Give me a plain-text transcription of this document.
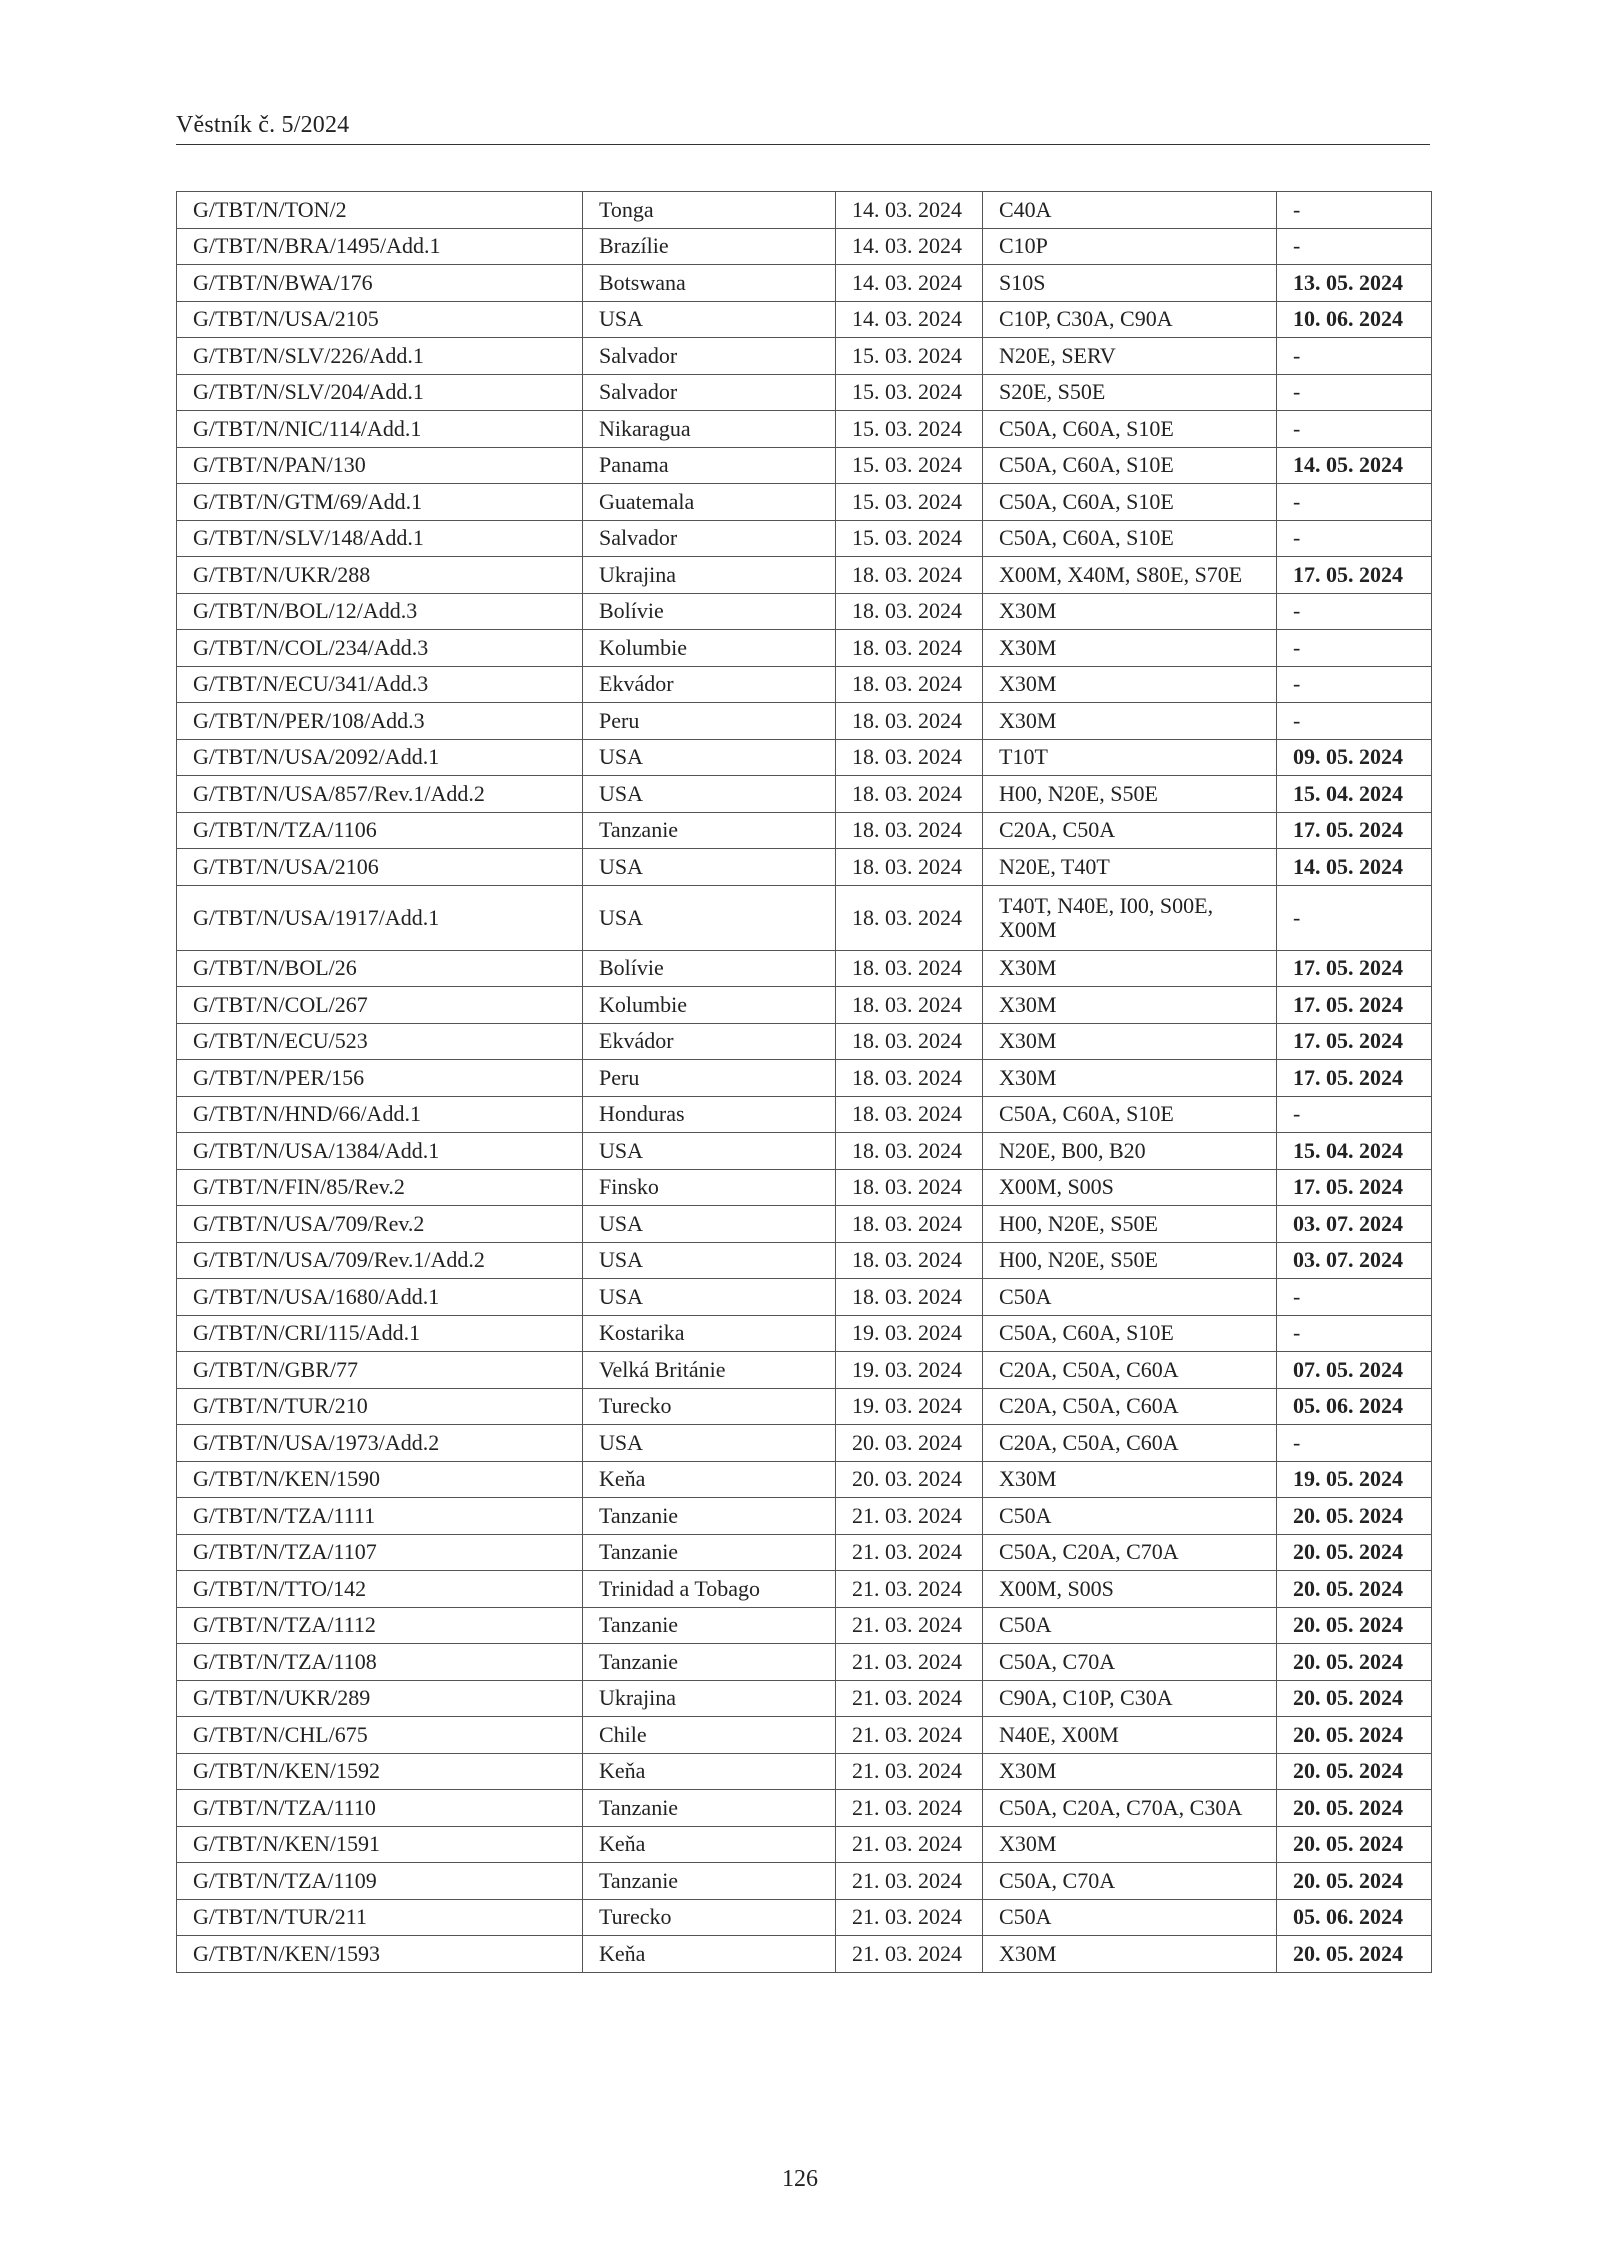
Věstník č. 5/2024
G/TBT/N/TON/2	Tonga	14. 03. 2024	C40A	-
G/TBT/N/BRA/1495/Add.1	Brazílie	14. 03. 2024	C10P	-
G/TBT/N/BWA/176	Botswana	14. 03. 2024	S10S	13. 05. 2024
G/TBT/N/USA/2105	USA	14. 03. 2024	C10P, C30A, C90A	10. 06. 2024
G/TBT/N/SLV/226/Add.1	Salvador	15. 03. 2024	N20E, SERV	-
G/TBT/N/SLV/204/Add.1	Salvador	15. 03. 2024	S20E, S50E	-
G/TBT/N/NIC/114/Add.1	Nikaragua	15. 03. 2024	C50A, C60A, S10E	-
G/TBT/N/PAN/130	Panama	15. 03. 2024	C50A, C60A, S10E	14. 05. 2024
G/TBT/N/GTM/69/Add.1	Guatemala	15. 03. 2024	C50A, C60A, S10E	-
G/TBT/N/SLV/148/Add.1	Salvador	15. 03. 2024	C50A, C60A, S10E	-
G/TBT/N/UKR/288	Ukrajina	18. 03. 2024	X00M, X40M, S80E, S70E	17. 05. 2024
G/TBT/N/BOL/12/Add.3	Bolívie	18. 03. 2024	X30M	-
G/TBT/N/COL/234/Add.3	Kolumbie	18. 03. 2024	X30M	-
G/TBT/N/ECU/341/Add.3	Ekvádor	18. 03. 2024	X30M	-
G/TBT/N/PER/108/Add.3	Peru	18. 03. 2024	X30M	-
G/TBT/N/USA/2092/Add.1	USA	18. 03. 2024	T10T	09. 05. 2024
G/TBT/N/USA/857/Rev.1/Add.2	USA	18. 03. 2024	H00, N20E, S50E	15. 04. 2024
G/TBT/N/TZA/1106	Tanzanie	18. 03. 2024	C20A, C50A	17. 05. 2024
G/TBT/N/USA/2106	USA	18. 03. 2024	N20E, T40T	14. 05. 2024
G/TBT/N/USA/1917/Add.1	USA	18. 03. 2024	T40T, N40E, I00, S00E, X00M	-
G/TBT/N/BOL/26	Bolívie	18. 03. 2024	X30M	17. 05. 2024
G/TBT/N/COL/267	Kolumbie	18. 03. 2024	X30M	17. 05. 2024
G/TBT/N/ECU/523	Ekvádor	18. 03. 2024	X30M	17. 05. 2024
G/TBT/N/PER/156	Peru	18. 03. 2024	X30M	17. 05. 2024
G/TBT/N/HND/66/Add.1	Honduras	18. 03. 2024	C50A, C60A, S10E	-
G/TBT/N/USA/1384/Add.1	USA	18. 03. 2024	N20E, B00, B20	15. 04. 2024
G/TBT/N/FIN/85/Rev.2	Finsko	18. 03. 2024	X00M, S00S	17. 05. 2024
G/TBT/N/USA/709/Rev.2	USA	18. 03. 2024	H00, N20E, S50E	03. 07. 2024
G/TBT/N/USA/709/Rev.1/Add.2	USA	18. 03. 2024	H00, N20E, S50E	03. 07. 2024
G/TBT/N/USA/1680/Add.1	USA	18. 03. 2024	C50A	-
G/TBT/N/CRI/115/Add.1	Kostarika	19. 03. 2024	C50A, C60A, S10E	-
G/TBT/N/GBR/77	Velká Británie	19. 03. 2024	C20A, C50A, C60A	07. 05. 2024
G/TBT/N/TUR/210	Turecko	19. 03. 2024	C20A, C50A, C60A	05. 06. 2024
G/TBT/N/USA/1973/Add.2	USA	20. 03. 2024	C20A, C50A, C60A	-
G/TBT/N/KEN/1590	Keňa	20. 03. 2024	X30M	19. 05. 2024
G/TBT/N/TZA/1111	Tanzanie	21. 03. 2024	C50A	20. 05. 2024
G/TBT/N/TZA/1107	Tanzanie	21. 03. 2024	C50A, C20A, C70A	20. 05. 2024
G/TBT/N/TTO/142	Trinidad a Tobago	21. 03. 2024	X00M, S00S	20. 05. 2024
G/TBT/N/TZA/1112	Tanzanie	21. 03. 2024	C50A	20. 05. 2024
G/TBT/N/TZA/1108	Tanzanie	21. 03. 2024	C50A, C70A	20. 05. 2024
G/TBT/N/UKR/289	Ukrajina	21. 03. 2024	C90A, C10P, C30A	20. 05. 2024
G/TBT/N/CHL/675	Chile	21. 03. 2024	N40E, X00M	20. 05. 2024
G/TBT/N/KEN/1592	Keňa	21. 03. 2024	X30M	20. 05. 2024
G/TBT/N/TZA/1110	Tanzanie	21. 03. 2024	C50A, C20A, C70A, C30A	20. 05. 2024
G/TBT/N/KEN/1591	Keňa	21. 03. 2024	X30M	20. 05. 2024
G/TBT/N/TZA/1109	Tanzanie	21. 03. 2024	C50A, C70A	20. 05. 2024
G/TBT/N/TUR/211	Turecko	21. 03. 2024	C50A	05. 06. 2024
G/TBT/N/KEN/1593	Keňa	21. 03. 2024	X30M	20. 05. 2024
126
